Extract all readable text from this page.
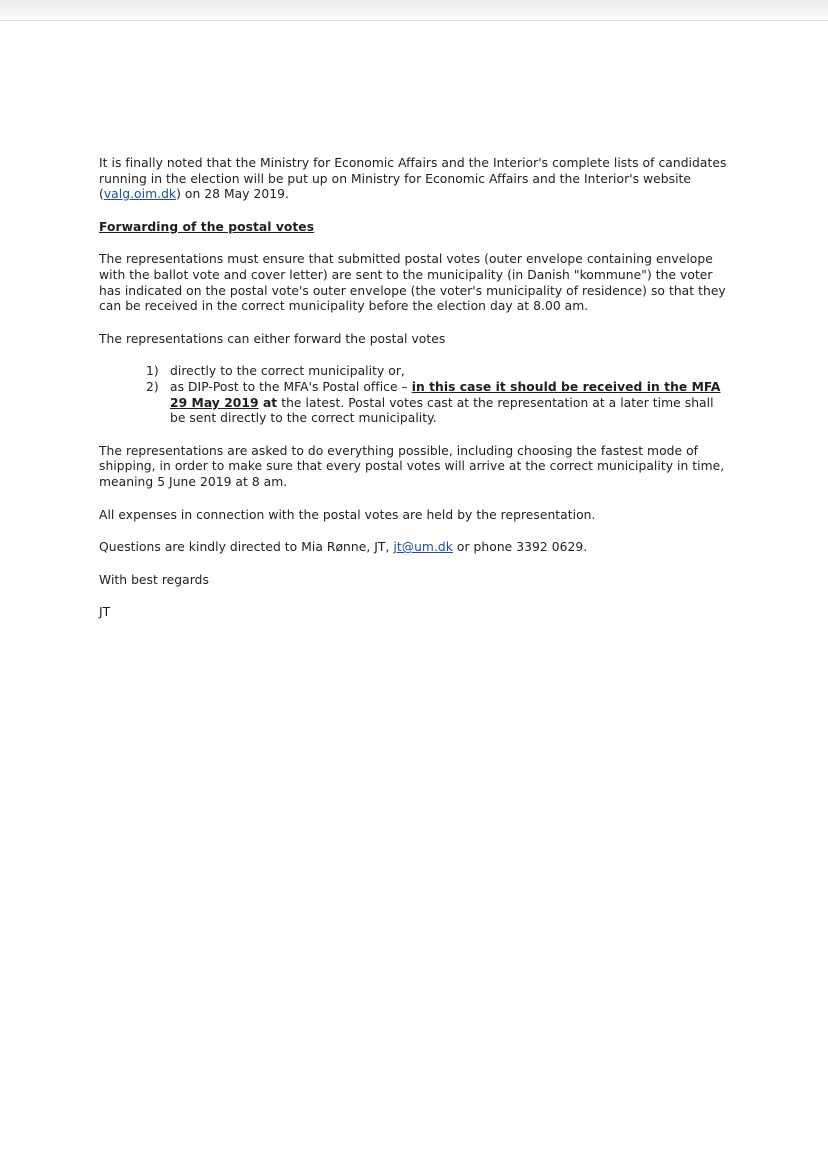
It is finally noted that the Ministry for Economic Affairs and the Interior's complete lists of candidates running in the election will be put up on Ministry for Economic Affairs and the Interior's website (valg.oim.dk) on 28 May 2019.

Forwarding of the postal votes

The representations must ensure that submitted postal votes (outer envelope containing envelope with the ballot vote and cover letter) are sent to the municipality (in Danish "kommune") the voter has indicated on the postal vote's outer envelope (the voter's municipality of residence) so that they can be received in the correct municipality before the election day at 8.00 am.

The representations can either forward the postal votes

1) directly to the correct municipality or,
2) as DIP-Post to the MFA's Postal office – in this case it should be received in the MFA 29 May 2019 at the latest. Postal votes cast at the representation at a later time shall be sent directly to the correct municipality.

The representations are asked to do everything possible, including choosing the fastest mode of shipping, in order to make sure that every postal votes will arrive at the correct municipality in time, meaning 5 June 2019 at 8 am.

All expenses in connection with the postal votes are held by the representation.

Questions are kindly directed to Mia Rønne, JT, jt@um.dk or phone 3392 0629.

With best regards

JT
